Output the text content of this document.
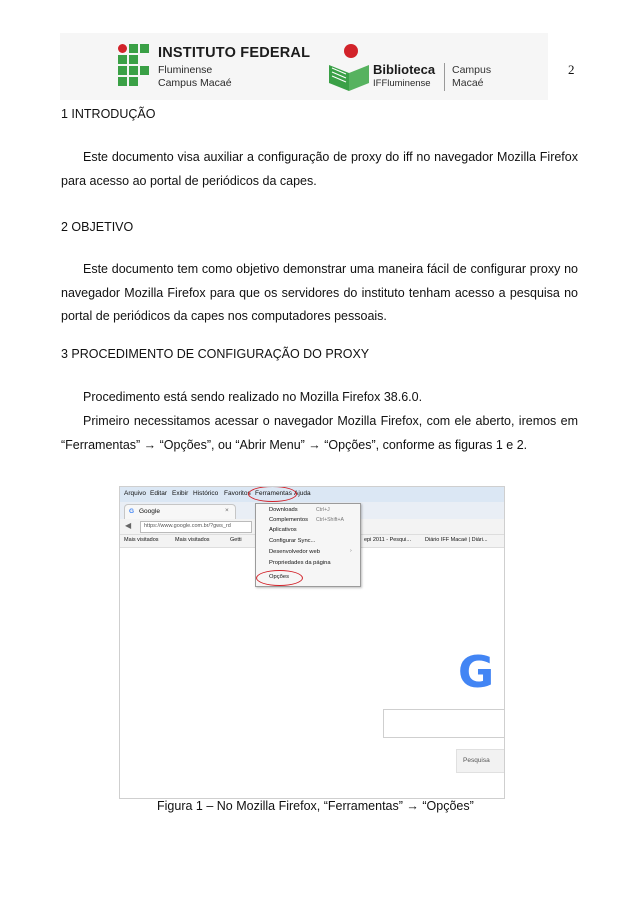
INSTITUTO FEDERAL
Fluminense
Campus Macaé
Biblioteca
IFFluminense
Campus
Macaé
2
1 INTRODUÇÃO
Este documento visa auxiliar a configuração de proxy do iff no navegador Mozilla Firefox para acesso ao portal de periódicos da capes.
2 OBJETIVO
Este documento tem como objetivo demonstrar uma maneira fácil de configurar proxy no navegador Mozilla Firefox para que os servidores do instituto tenham acesso a pesquisa no portal de periódicos da capes nos computadores pessoais.
3 PROCEDIMENTO DE CONFIGURAÇÃO DO PROXY
Procedimento está sendo realizado no Mozilla Firefox 38.6.0.
Primeiro necessitamos acessar o navegador Mozilla Firefox, com ele aberto, iremos em “Ferramentas” → “Opções”, ou “Abrir Menu” → “Opções”, conforme as figuras 1 e 2.
Arquivo Editar Exibir Histórico Favoritos Ferramentas Ajuda
G Google	×
◀ https://www.google.com.br/?gws_rd
Mais visitados	Mais visitados	Getti	epi 2011 - Pesqui...	Diário IFF Macaé | Diári...
Downloads	Ctrl+J
Complementos Ctrl+Shift+A
Aplicativos
Configurar Sync...
Desenvolvedor web	›
Propriedades da página
Opções
G
Pesquisa
Figura 1 – No Mozilla Firefox, “Ferramentas” → “Opções”
